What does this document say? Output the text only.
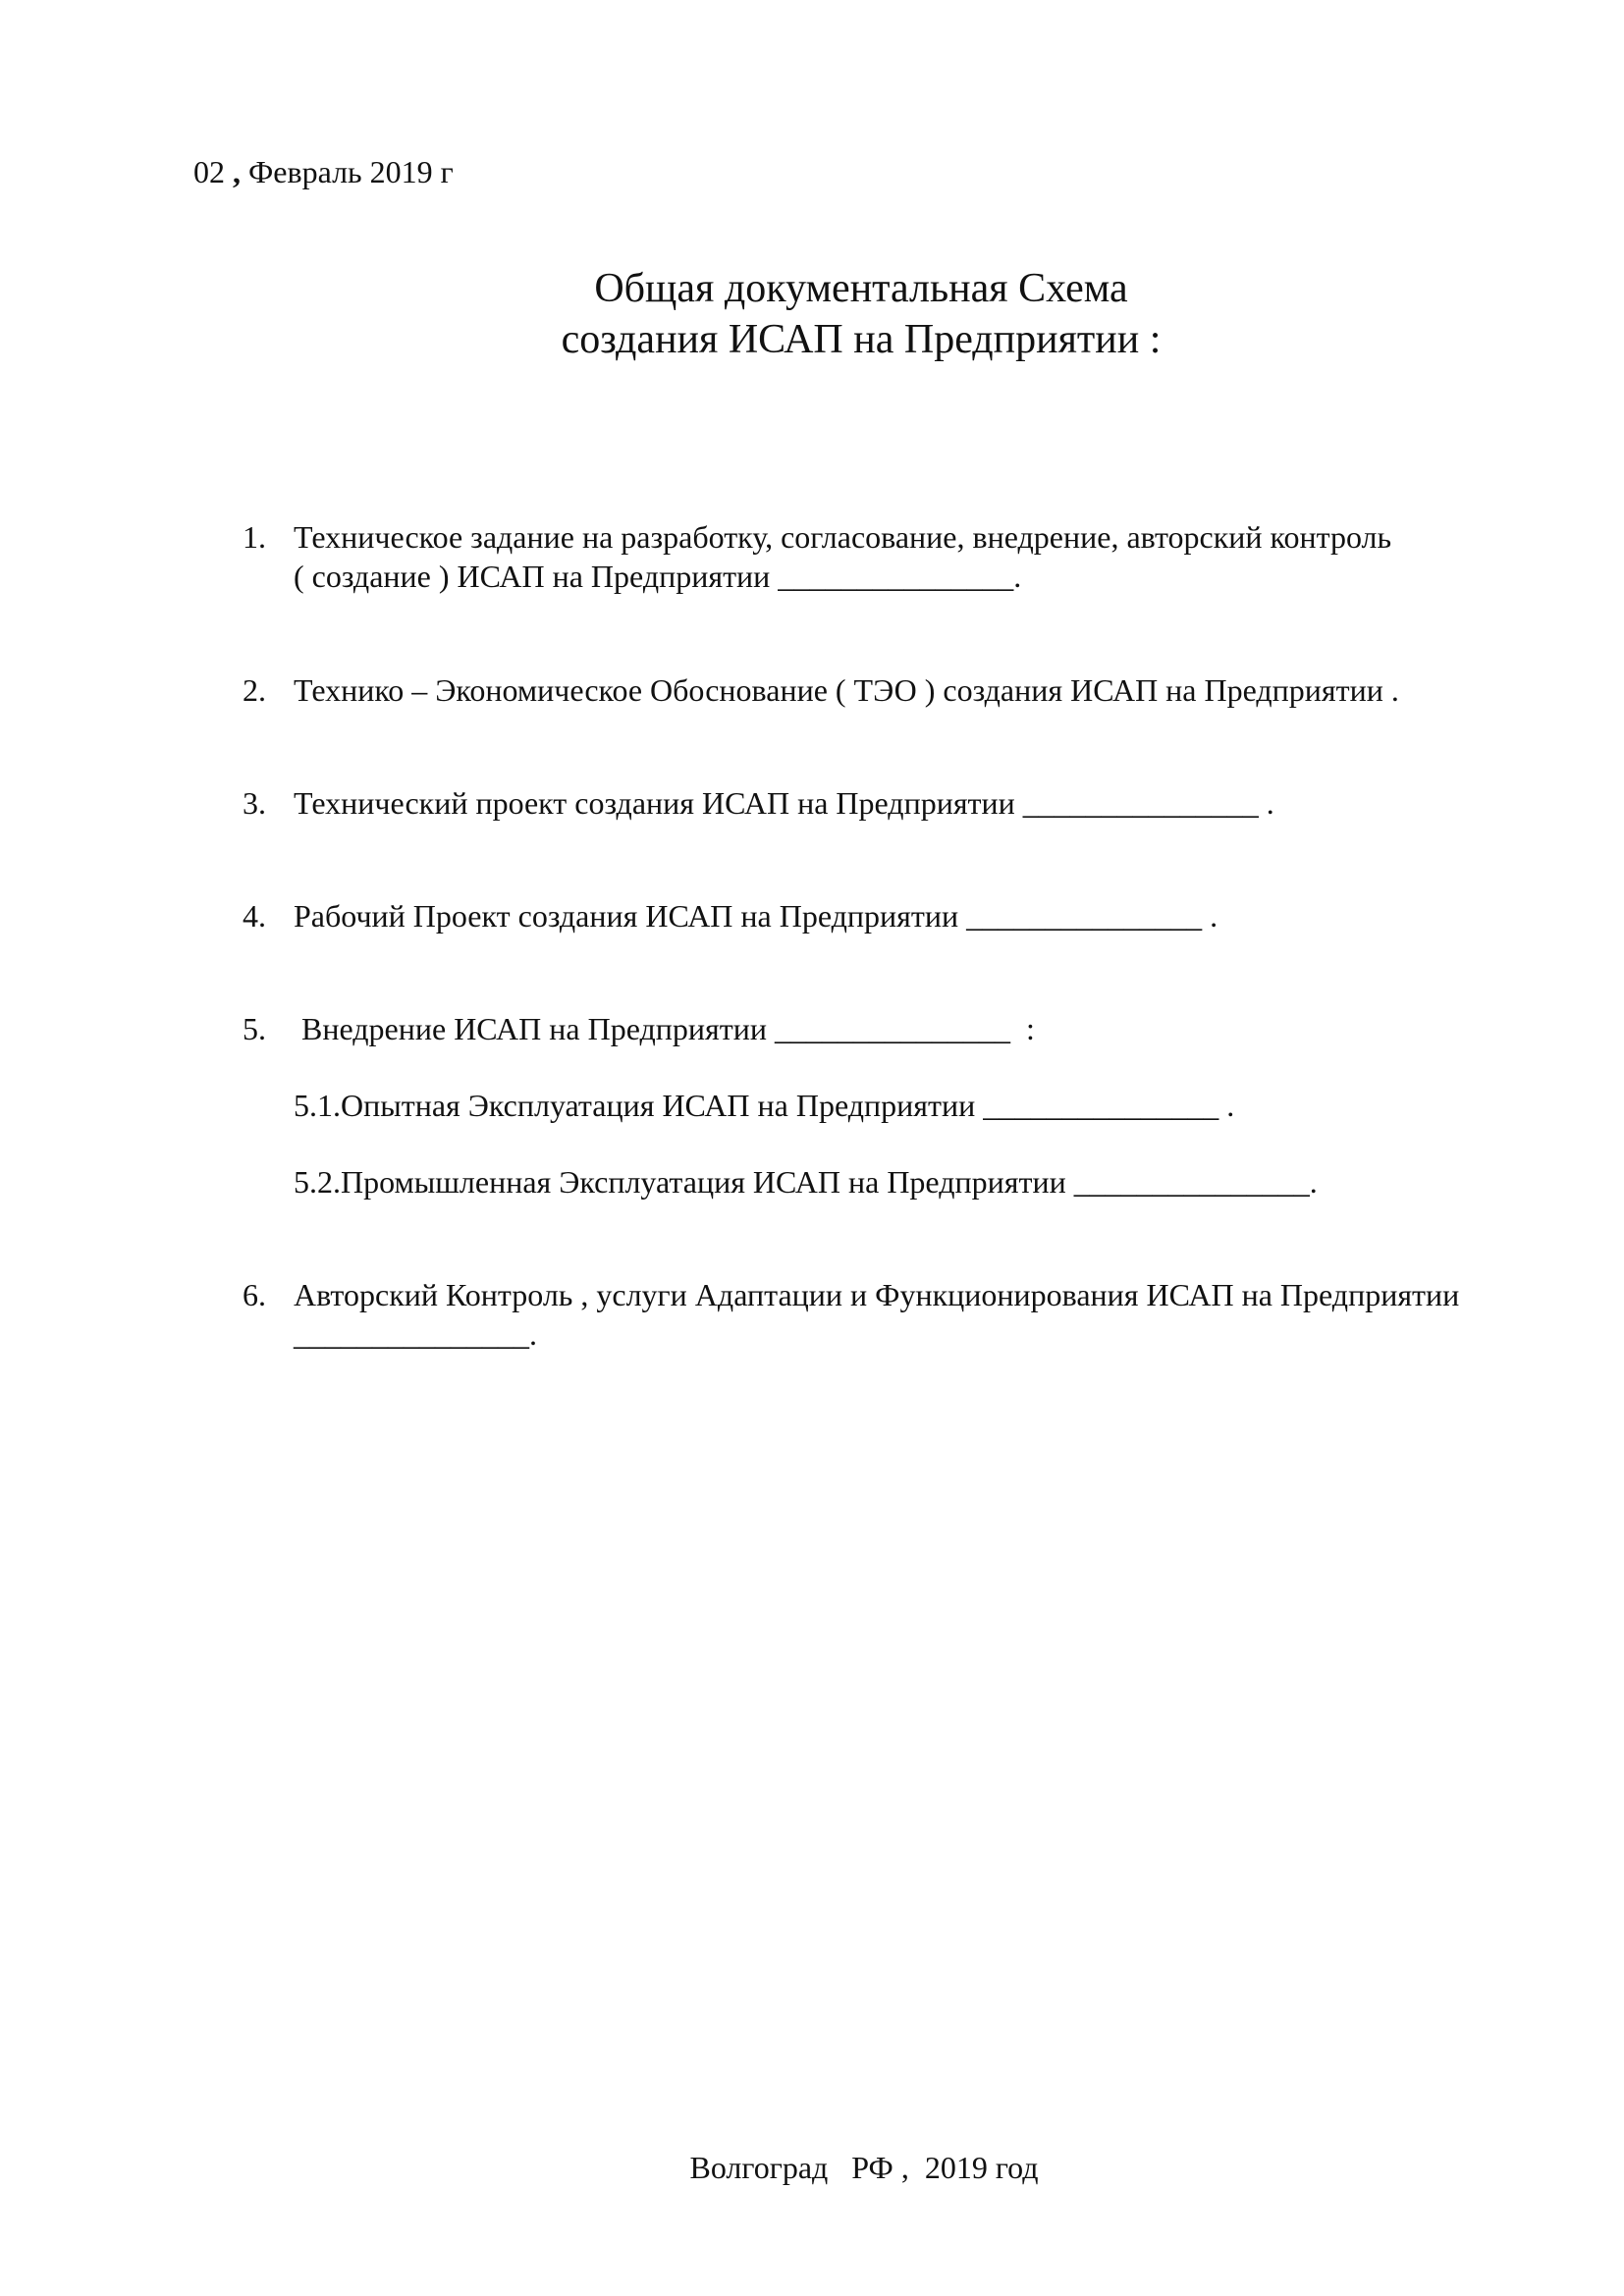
02 , Февраль 2019 г
Общая документальная Схема
создания ИСАП на Предприятии :
1. Техническое задание на разработку, согласование, внедрение, авторский контроль
( создание ) ИСАП на Предприятии _______________.
2. Технико – Экономическое Обоснование ( ТЭО ) создания ИСАП на Предприятии .
3. Технический проект создания ИСАП на Предприятии _______________ .
4. Рабочий Проект создания ИСАП на Предприятии _______________ .
5. Внедрение ИСАП на Предприятии _______________  :
5.1.Опытная Эксплуатация ИСАП на Предприятии _______________ .
5.2.Промышленная Эксплуатация ИСАП на Предприятии _______________.
6. Авторский Контроль , услуги Адаптации и Функционирования ИСАП на Предприятии
_______________.
Волгоград   РФ ,  2019 год
